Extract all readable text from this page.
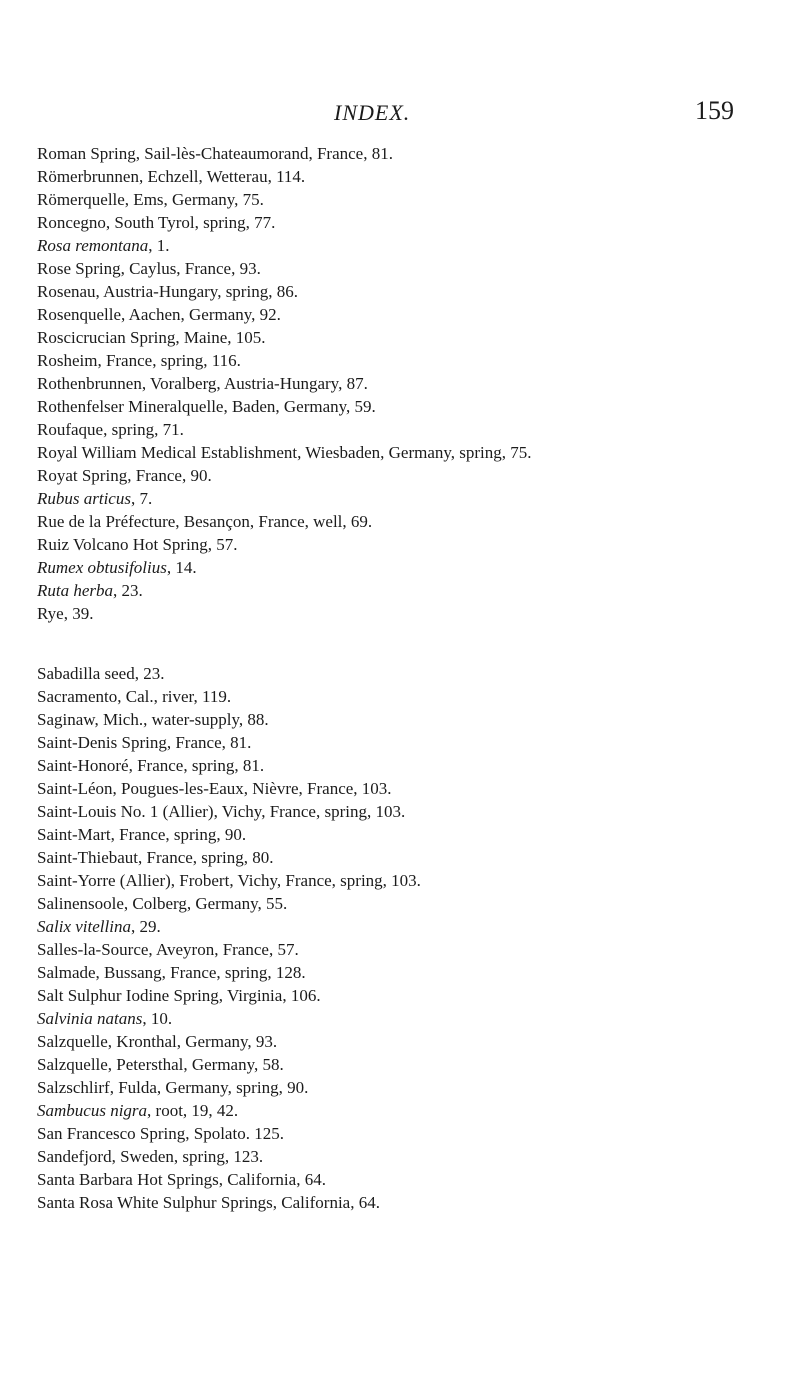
INDEX.	159
Roman Spring, Sail-lès-Chateaumorand, France, 81.
Römerbrunnen, Echzell, Wetterau, 114.
Römerquelle, Ems, Germany, 75.
Roncegno, South Tyrol, spring, 77.
Rosa remontana, 1.
Rose Spring, Caylus, France, 93.
Rosenau, Austria-Hungary, spring, 86.
Rosenquelle, Aachen, Germany, 92.
Roscicrucian Spring, Maine, 105.
Rosheim, France, spring, 116.
Rothenbrunnen, Voralberg, Austria-Hungary, 87.
Rothenfelser Mineralquelle, Baden, Germany, 59.
Roufaque, spring, 71.
Royal William Medical Establishment, Wiesbaden, Germany, spring, 75.
Royat Spring, France, 90.
Rubus articus, 7.
Rue de la Préfecture, Besançon, France, well, 69.
Ruiz Volcano Hot Spring, 57.
Rumex obtusifolius, 14.
Ruta herba, 23.
Rye, 39.
Sabadilla seed, 23.
Sacramento, Cal., river, 119.
Saginaw, Mich., water-supply, 88.
Saint-Denis Spring, France, 81.
Saint-Honoré, France, spring, 81.
Saint-Léon, Pougues-les-Eaux, Nièvre, France, 103.
Saint-Louis No. 1 (Allier), Vichy, France, spring, 103.
Saint-Mart, France, spring, 90.
Saint-Thiebaut, France, spring, 80.
Saint-Yorre (Allier), Frobert, Vichy, France, spring, 103.
Salinensoole, Colberg, Germany, 55.
Salix vitellina, 29.
Salles-la-Source, Aveyron, France, 57.
Salmade, Bussang, France, spring, 128.
Salt Sulphur Iodine Spring, Virginia, 106.
Salvinia natans, 10.
Salzquelle, Kronthal, Germany, 93.
Salzquelle, Petersthal, Germany, 58.
Salzschlirf, Fulda, Germany, spring, 90.
Sambucus nigra, root, 19, 42.
San Francesco Spring, Spolato. 125.
Sandefjord, Sweden, spring, 123.
Santa Barbara Hot Springs, California, 64.
Santa Rosa White Sulphur Springs, California, 64.
